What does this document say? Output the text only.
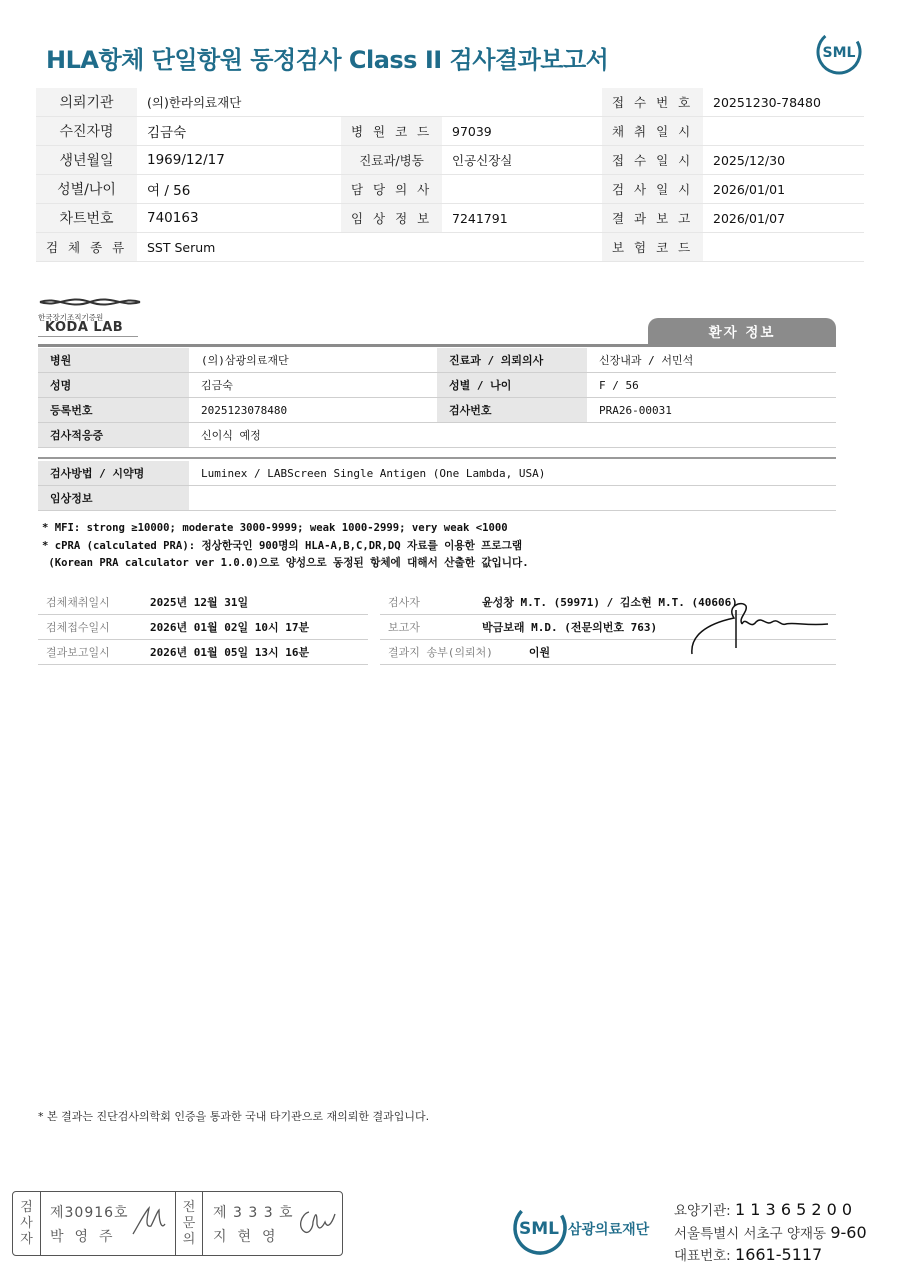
HLA항체 단일항원 동정검사 Class II 검사결과보고서	SML
의뢰기관	(의)한라의료재단			접 수 번 호	20251230-78480
수진자명	김금숙	병 원 코 드	97039	채 취 일 시	
생년월일	1969/12/17	진료과/병동	인공신장실	접 수 일 시	2025/12/30
성별/나이	여 / 56	담 당 의 사		검 사 일 시	2026/01/01
차트번호	740163	임 상 정 보	7241791	결 과 보 고	2026/01/07
검 체 종 류	SST Serum			보 험 코 드	
한국장기조직기증원
KODA LAB	환자 정보
병원	(의)삼광의료재단	진료과 / 의뢰의사	신장내과 / 서민석
성명	김금숙	성별 / 나이	F / 56
등록번호	2025123078480	검사번호	PRA26-00031
검사적응증	신이식 예정		
검사방법 / 시약명	Luminex / LABScreen Single Antigen (One Lambda, USA)
임상정보	
* MFI: strong ≥10000; moderate 3000-9999; weak 1000-2999; very weak <1000
* cPRA (calculated PRA): 정상한국인 900명의 HLA-A,B,C,DR,DQ 자료를 이용한 프로그램
(Korean PRA calculator ver 1.0.0)으로 양성으로 동정된 항체에 대해서 산출한 값입니다.
검체채취일시	2025년 12월 31일
검체접수일시	2026년 01월 02일 10시 17분
결과보고일시	2026년 01월 05일 13시 16분
검사자	윤성창 M.T. (59971) / 김소현 M.T. (40606)
보고자	박금보래 M.D. (전문의번호 763)
결과지 송부(의뢰처) 이원	
* 본 결과는 진단검사의학회 인증을 통과한 국내 타기관으로 재의뢰한 결과입니다.
검
사
자
제30916호
박영주
전
문
의
제 3 3 3 호
지현영	SML 삼광의료재단
요양기관: 1 1 3 6 5 2 0 0
서울특별시 서초구 양재동 9-60
대표번호: 1661-5117
